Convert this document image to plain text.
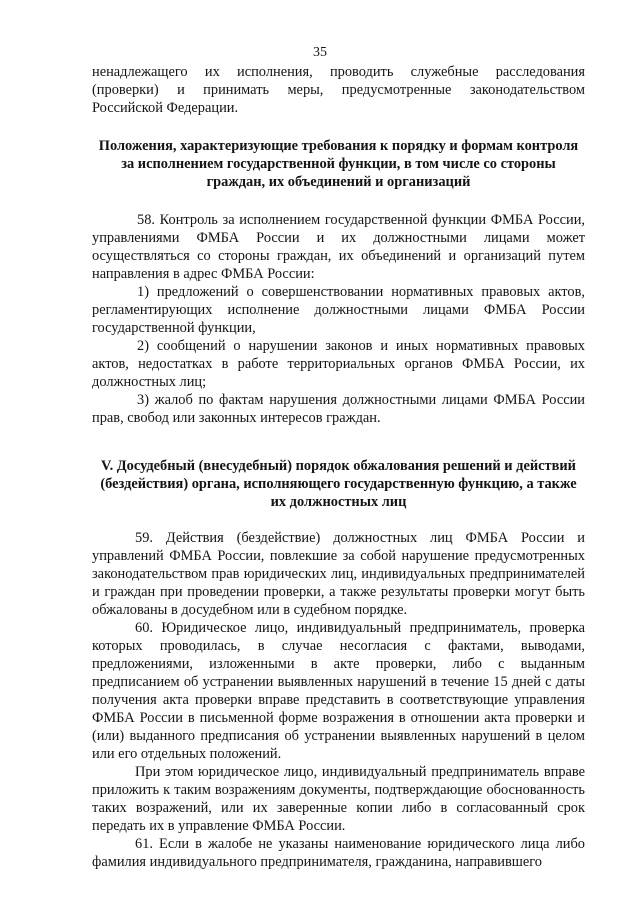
35

ненадлежащего их исполнения, проводить служебные расследования (проверки) и принимать меры, предусмотренные законодательством Российской Федерации.

Положения, характеризующие требования к порядку и формам контроля за исполнением государственной функции, в том числе со стороны граждан, их объединений и организаций

58. Контроль за исполнением государственной функции ФМБА России, управлениями ФМБА России и их должностными лицами может осуществляться со стороны граждан, их объединений и организаций путем направления в адрес ФМБА России:

1) предложений о совершенствовании нормативных правовых актов, регламентирующих исполнение должностными лицами ФМБА России государственной функции,

2) сообщений о нарушении законов и иных нормативных правовых актов, недостатках в работе территориальных органов ФМБА России, их должностных лиц;

3) жалоб по фактам нарушения должностными лицами ФМБА России прав, свобод или законных интересов граждан.

V. Досудебный (внесудебный) порядок обжалования решений и действий (бездействия) органа, исполняющего государственную функцию, а также их должностных лиц

59. Действия (бездействие) должностных лиц ФМБА России и управлений ФМБА России, повлекшие за собой нарушение предусмотренных законодательством прав юридических лиц, индивидуальных предпринимателей и граждан при проведении проверки, а также результаты проверки могут быть обжалованы в досудебном или в судебном порядке.

60. Юридическое лицо, индивидуальный предприниматель, проверка которых проводилась, в случае несогласия с фактами, выводами, предложениями, изложенными в акте проверки, либо с выданным предписанием об устранении выявленных нарушений в течение 15 дней с даты получения акта проверки вправе представить в соответствующие управления ФМБА России в письменной форме возражения в отношении акта проверки и (или) выданного предписания об устранении выявленных нарушений в целом или его отдельных положений.

При этом юридическое лицо, индивидуальный предприниматель вправе приложить к таким возражениям документы, подтверждающие обоснованность таких возражений, или их заверенные копии либо в согласованный срок передать их в управление ФМБА России.

61. Если в жалобе не указаны наименование юридического лица либо фамилия индивидуального предпринимателя, гражданина, направившего
